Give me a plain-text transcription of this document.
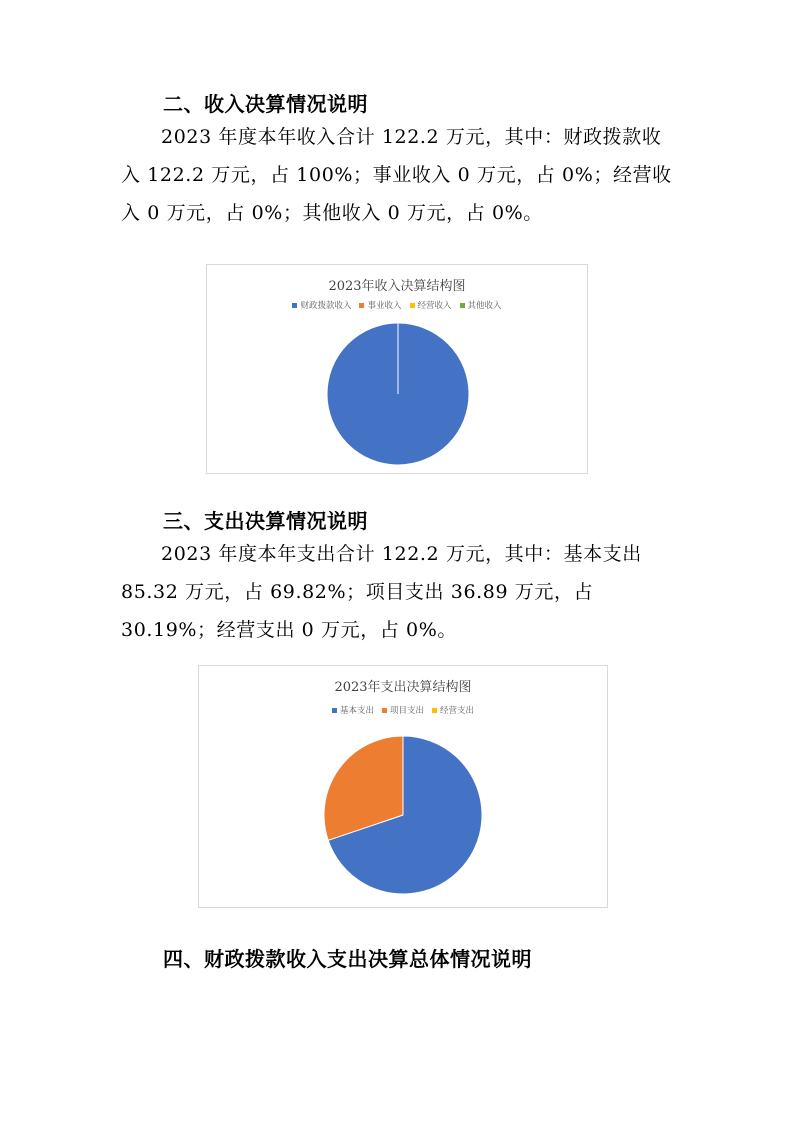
二、收入决算情况说明

2023 年度本年收入合计 122.2 万元，其中：财政拨款收入 122.2 万元，占 100%；事业收入 0 万元，占 0%；经营收入 0 万元，占 0%；其他收入 0 万元，占 0%。

2023年收入决算结构图
财政拨款收入 事业收入 经营收入 其他收入
三、支出决算情况说明

2023 年度本年支出合计 122.2 万元，其中：基本支出 85.32 万元，占 69.82%；项目支出 36.89 万元，占 30.19%；经营支出 0 万元，占 0%。

2023年支出决算结构图
基本支出 项目支出 经营支出
四、财政拨款收入支出决算总体情况说明
